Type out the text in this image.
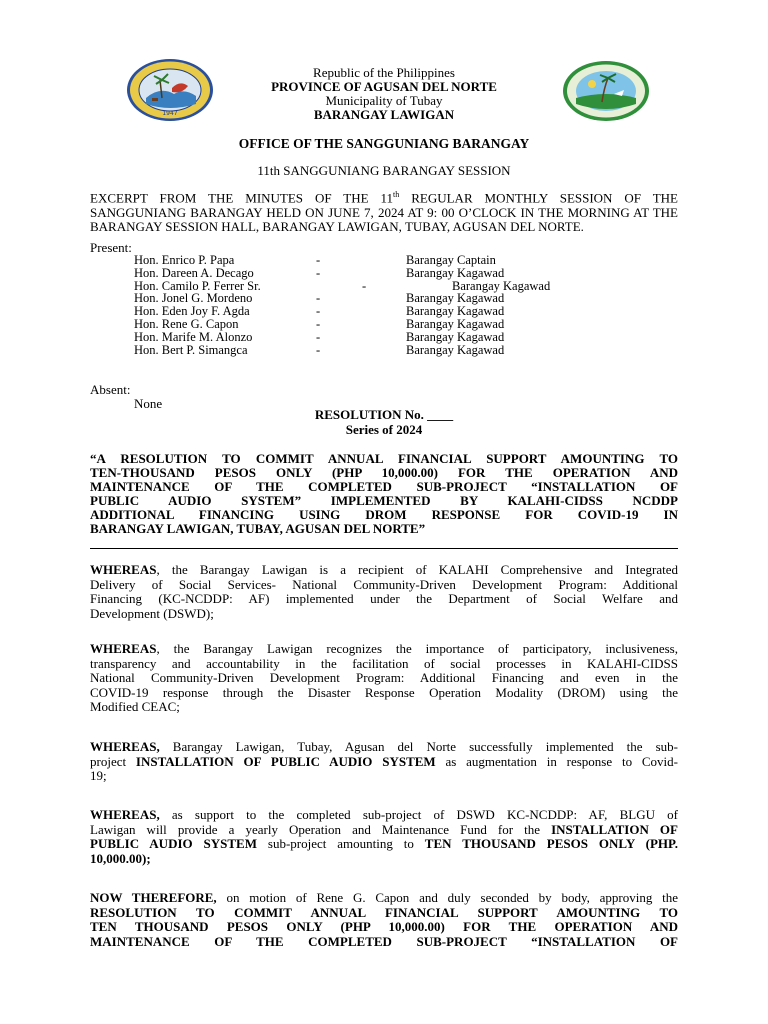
1947
Republic of the Philippines
PROVINCE OF AGUSAN DEL NORTE
Municipality of Tubay
BARANGAY LAWIGAN
OFFICE OF THE SANGGUNIANG BARANGAY
11th SANGGUNIANG BARANGAY SESSION
EXCERPT FROM THE MINUTES OF THE 11th REGULAR MONTHLY SESSION OF THE SANGGUNIANG BARANGAY HELD ON JUNE 7, 2024 AT 9: 00 O’CLOCK IN THE MORNING AT THE BARANGAY SESSION HALL, BARANGAY LAWIGAN, TUBAY, AGUSAN DEL NORTE.
Present:
Hon. Enrico P. Papa	-	Barangay Captain
Hon. Dareen A. Decago	-	Barangay Kagawad
Hon. Camilo P. Ferrer Sr.	-	Barangay Kagawad
Hon. Jonel G. Mordeno	-	Barangay Kagawad
Hon. Eden Joy F. Agda	-	Barangay Kagawad
Hon. Rene G. Capon	-	Barangay Kagawad
Hon. Marife M. Alonzo	-	Barangay Kagawad
Hon. Bert P. Simangca	-	Barangay Kagawad
Absent:
None
RESOLUTION No. ____
Series of 2024
“A RESOLUTION TO COMMIT ANNUAL FINANCIAL SUPPORT AMOUNTING TO
TEN-THOUSAND PESOS ONLY (PHP 10,000.00) FOR THE OPERATION AND
MAINTENANCE OF THE COMPLETED SUB-PROJECT “INSTALLATION OF
PUBLIC AUDIO SYSTEM” IMPLEMENTED BY KALAHI-CIDSS NCDDP
ADDITIONAL FINANCING USING DROM RESPONSE FOR COVID-19 IN
BARANGAY LAWIGAN, TUBAY, AGUSAN DEL NORTE”
WHEREAS, the Barangay Lawigan is a recipient of KALAHI Comprehensive and Integrated
Delivery of Social Services- National Community-Driven Development Program: Additional
Financing (KC-NCDDP: AF) implemented under the Department of Social Welfare and
Development (DSWD);
WHEREAS, the Barangay Lawigan recognizes the importance of participatory, inclusiveness,
transparency and accountability in the facilitation of social processes in KALAHI-CIDSS
National Community-Driven Development Program: Additional Financing and even in the
COVID-19 response through the Disaster Response Operation Modality (DROM) using the
Modified CEAC;
WHEREAS, Barangay Lawigan, Tubay, Agusan del Norte successfully implemented the sub-
project INSTALLATION OF PUBLIC AUDIO SYSTEM as augmentation in response to Covid-
19;
WHEREAS, as support to the completed sub-project of DSWD KC-NCDDP: AF, BLGU of
Lawigan will provide a yearly Operation and Maintenance Fund for the INSTALLATION OF
PUBLIC AUDIO SYSTEM sub-project amounting to TEN THOUSAND PESOS ONLY (PHP.
10,000.00);
NOW THEREFORE, on motion of Rene G. Capon and duly seconded by body, approving the
RESOLUTION TO COMMIT ANNUAL FINANCIAL SUPPORT AMOUNTING TO
TEN THOUSAND PESOS ONLY (PHP 10,000.00) FOR THE OPERATION AND
MAINTENANCE OF THE COMPLETED SUB-PROJECT “INSTALLATION OF
